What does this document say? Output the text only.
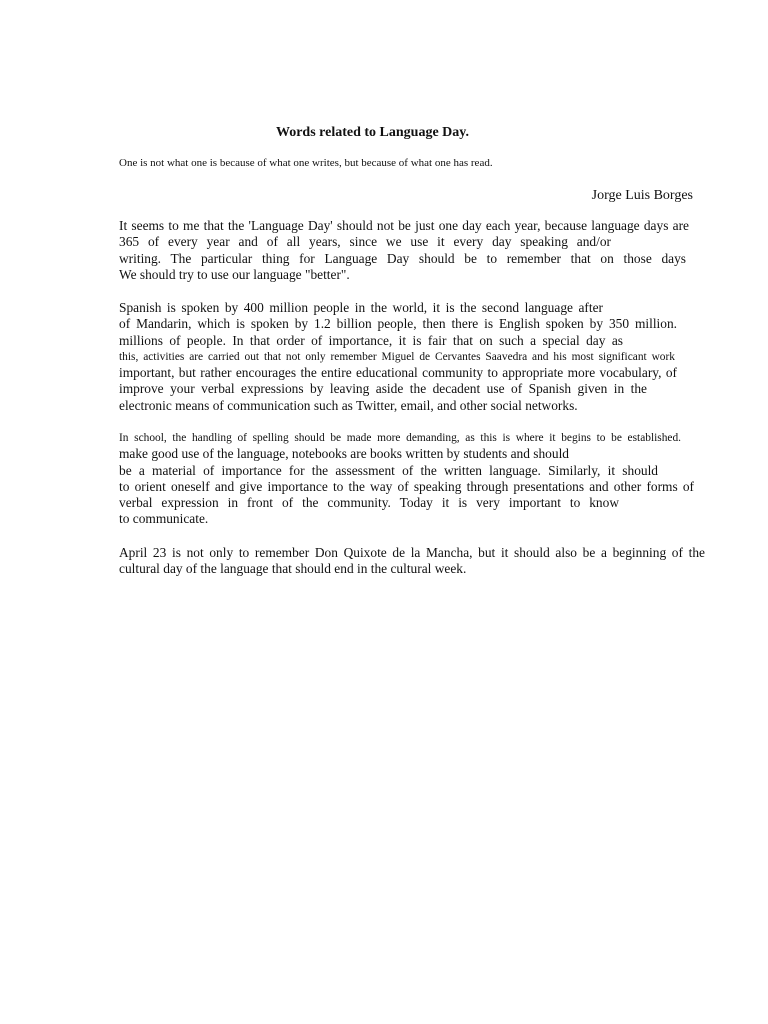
Words related to Language Day.
One is not what one is because of what one writes, but because of what one has read.
Jorge Luis Borges
It seems to me that the 'Language Day' should not be just one day each year, because language days are
365 of every year and of all years, since we use it every day speaking and/or
writing. The particular thing for Language Day should be to remember that on those days
We should try to use our language "better".
Spanish is spoken by 400 million people in the world, it is the second language after
of Mandarin, which is spoken by 1.2 billion people, then there is English spoken by 350 million.
millions of people. In that order of importance, it is fair that on such a special day as
this, activities are carried out that not only remember Miguel de Cervantes Saavedra and his most significant work
important, but rather encourages the entire educational community to appropriate more vocabulary, of
improve your verbal expressions by leaving aside the decadent use of Spanish given in the
electronic means of communication such as Twitter, email, and other social networks.
In school, the handling of spelling should be made more demanding, as this is where it begins to be established.
make good use of the language, notebooks are books written by students and should
be a material of importance for the assessment of the written language. Similarly, it should
to orient oneself and give importance to the way of speaking through presentations and other forms of
verbal expression in front of the community. Today it is very important to know
to communicate.
April 23 is not only to remember Don Quixote de la Mancha, but it should also be a beginning of the
cultural day of the language that should end in the cultural week.
